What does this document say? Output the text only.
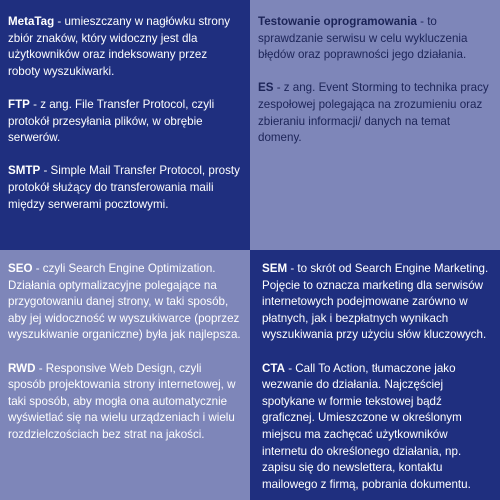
MetaTag - umieszczany w nagłówku strony zbiór znaków, który widoczny jest dla użytkowników oraz indeksowany przez roboty wyszukiwarki.

FTP - z ang. File Transfer Protocol, czyli protokół przesyłania plików, w obrębie serwerów.

SMTP - Simple Mail Transfer Protocol, prosty protokół służący do transferowania maili między serwerami pocztowymi.

Testowanie oprogramowania - to sprawdzanie serwisu w celu wykluczenia błędów oraz poprawności jego działania.

ES - z ang. Event Storming to technika pracy zespołowej polegająca na zrozumieniu oraz zbieraniu informacji/ danych na temat domeny.

SEO - czyli Search Engine Optimization. Działania optymalizacyjne polegające na przygotowaniu danej strony, w taki sposób, aby jej widoczność w wyszukiwarce (poprzez wyszukiwanie organiczne) była jak najlepsza.

RWD - Responsive Web Design, czyli sposób projektowania strony internetowej, w taki sposób, aby mogła ona automatycznie wyświetlać się na wielu urządzeniach i wielu rozdzielczościach bez strat na jakości.

SEM - to skrót od Search Engine Marketing. Pojęcie to oznacza marketing dla serwisów internetowych podejmowane zarówno w płatnych, jak i bezpłatnych wynikach wyszukiwania przy użyciu słów kluczowych.

CTA - Call To Action, tłumaczone jako wezwanie do działania. Najczęściej spotykane w formie tekstowej bądź graficznej. Umieszczone w określonym miejscu ma zachęcać użytkowników internetu do określonego działania, np. zapisu się do newslettera, kontaktu mailowego z firmą, pobrania dokumentu.
